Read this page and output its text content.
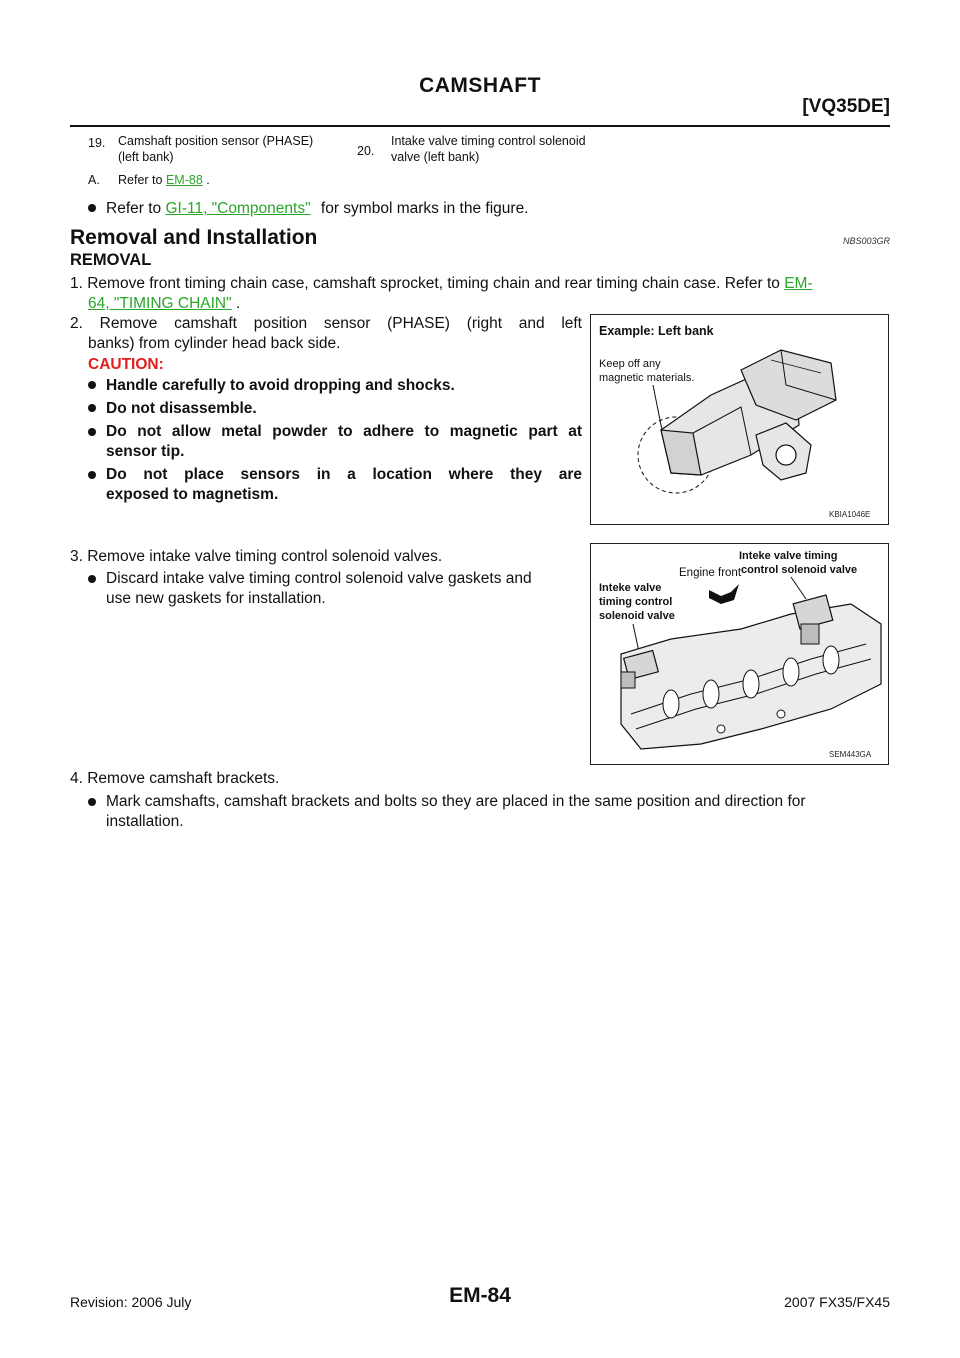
CAMSHAFT
[VQ35DE]
19. Camshaft position sensor (PHASE)
(left bank)	20.
Intake valve timing control solenoid
valve (left bank)
A. Refer to EM-88 .
Refer to GI-11, "Components" for symbol marks in the figure.
Removal and Installation	NBS003GR
REMOVAL
1. Remove front timing chain case, camshaft sprocket, timing chain and rear timing chain case. Refer to EM-
64, "TIMING CHAIN" .
2. Remove camshaft position sensor (PHASE) (right and left
banks) from cylinder head back side.
CAUTION:
Handle carefully to avoid dropping and shocks.
Do not disassemble.
Do not allow metal powder to adhere to magnetic part at
sensor tip.
Do not place sensors in a location where they are
exposed to magnetism.
3. Remove intake valve timing control solenoid valves.
Discard intake valve timing control solenoid valve gaskets and
use new gaskets for installation.
4. Remove camshaft brackets.
Mark camshafts, camshaft brackets and bolts so they are placed in the same position and direction for
installation.
Example: Left bank
Keep off any
magnetic materials.
KBIA1046E
Engine front
Inteke valve timing
control solenoid valve
Inteke valve
timing control
solenoid valve
SEM443GA
EM-84
Revision: 2006 July	2007 FX35/FX45
